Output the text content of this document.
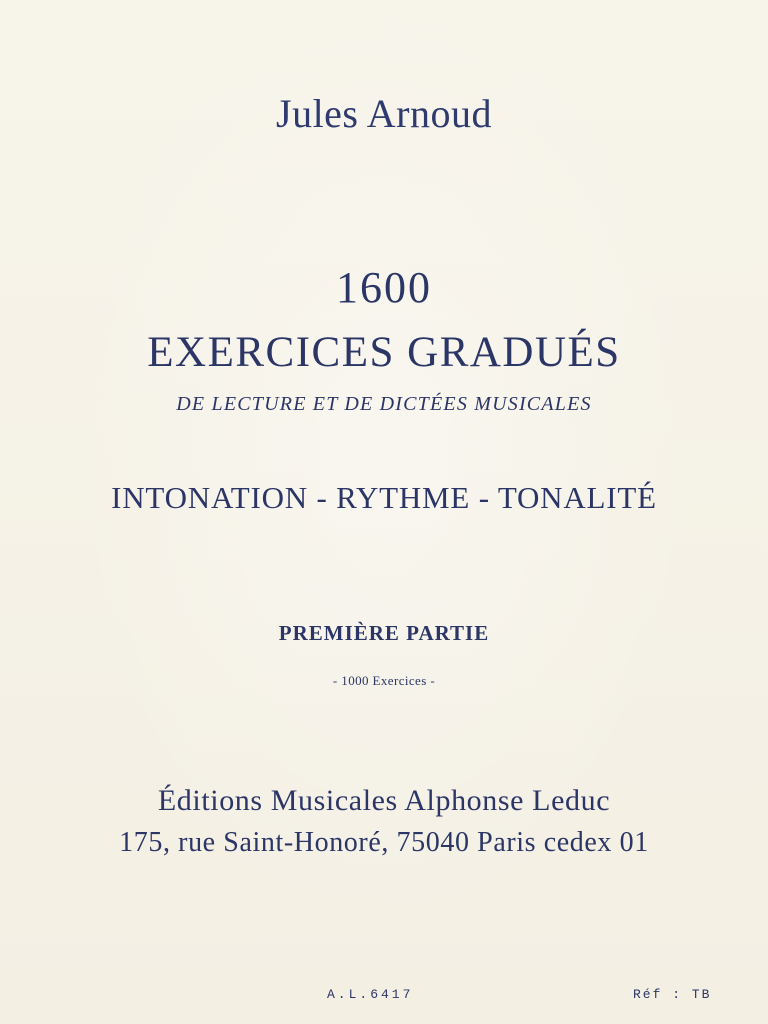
Jules Arnoud
1600
EXERCICES GRADUÉS
DE LECTURE ET DE DICTÉES MUSICALES
INTONATION - RYTHME - TONALITÉ
PREMIÈRE PARTIE
- 1000 Exercices -
Éditions Musicales Alphonse Leduc
175, rue Saint-Honoré, 75040 Paris cedex 01
A.L.6417	Réf : TB
